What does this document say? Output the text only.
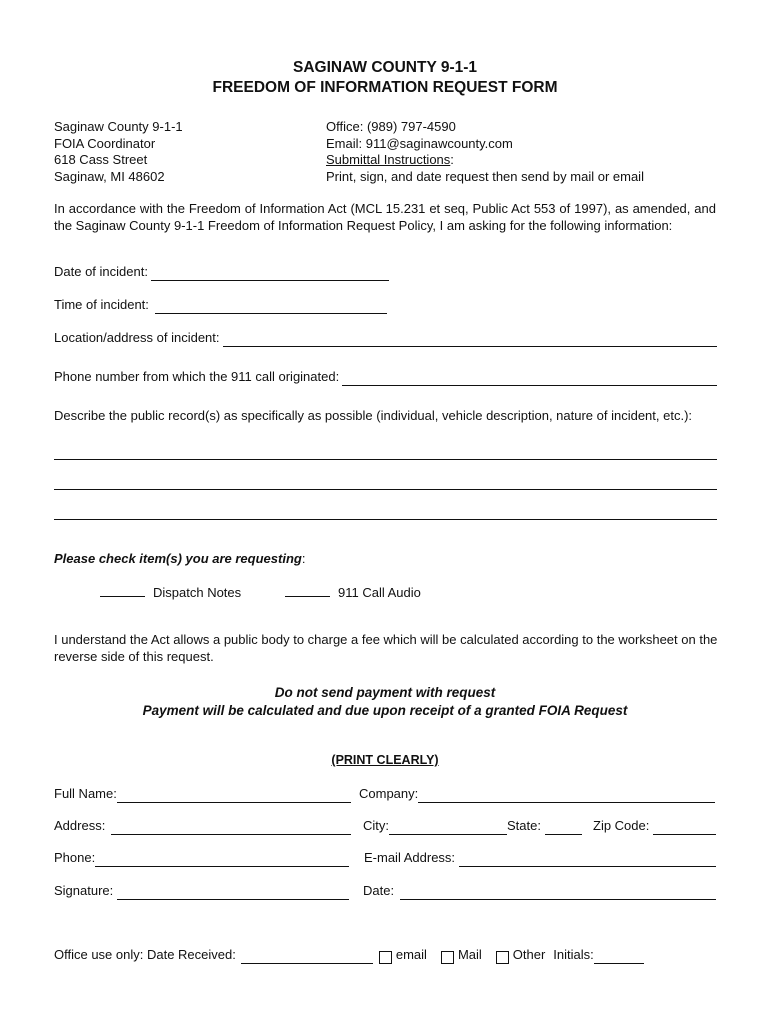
SAGINAW COUNTY 9-1-1
FREEDOM OF INFORMATION REQUEST FORM
Saginaw County 9-1-1
FOIA Coordinator
618 Cass Street
Saginaw, MI 48602
Office: (989) 797-4590
Email: 911@saginawcounty.com
Submittal Instructions:
Print, sign, and date request then send by mail or email
In accordance with the Freedom of Information Act (MCL 15.231 et seq, Public Act 553 of 1997), as amended, and the Saginaw County 9-1-1 Freedom of Information Request Policy, I am asking for the following information:
Date of incident:
Time of incident:
Location/address of incident:
Phone number from which the 911 call originated:
Describe the public record(s) as specifically as possible (individual, vehicle description, nature of incident, etc.):
Please check item(s) you are requesting:
Dispatch Notes	911 Call Audio
I understand the Act allows a public body to charge a fee which will be calculated according to the worksheet on the reverse side of this request.
Do not send payment with request
Payment will be calculated and due upon receipt of a granted FOIA Request
(PRINT CLEARLY)
Full Name:	Company:
Address:	City:	State:	Zip Code:
Phone:	E-mail Address:
Signature:	Date:
Office use only: Date Received:	email Mail Other Initials:
